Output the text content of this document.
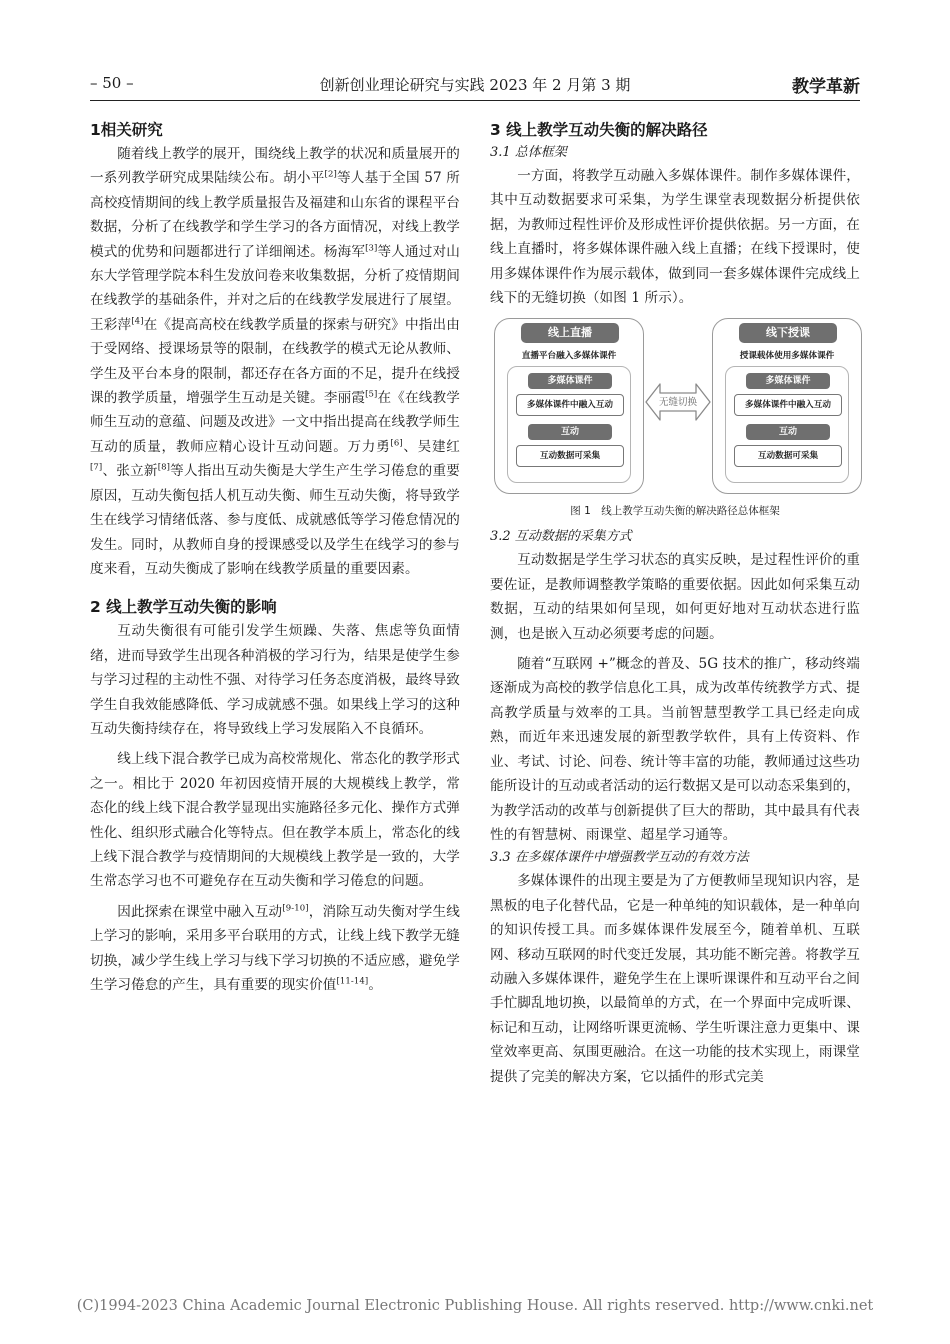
– 50 –	创新创业理论研究与实践 2023 年 2 月第 3 期	教学革新
1相关研究

随着线上教学的展开，围绕线上教学的状况和质量展开的一系列教学研究成果陆续公布。胡小平[2]等人基于全国 57 所高校疫情期间的线上教学质量报告及福建和山东省的课程平台数据，分析了在线教学和学生学习的各方面情况，对线上教学模式的优势和问题都进行了详细阐述。杨海军[3]等人通过对山东大学管理学院本科生发放问卷来收集数据，分析了疫情期间在线教学的基础条件，并对之后的在线教学发展进行了展望。王彩萍[4]在《提高高校在线教学质量的探索与研究》中指出由于受网络、授课场景等的限制，在线教学的模式无论从教师、学生及平台本身的限制，都还存在各方面的不足，提升在线授课的教学质量，增强学生互动是关键。李丽霞[5]在《在线教学师生互动的意蕴、问题及改进》一文中指出提高在线教学师生互动的质量，教师应精心设计互动问题。万力勇[6]、吴建红[7]、张立新[8]等人指出互动失衡是大学生产生学习倦怠的重要原因，互动失衡包括人机互动失衡、师生互动失衡，将导致学生在线学习情绪低落、参与度低、成就感低等学习倦怠情况的发生。同时，从教师自身的授课感受以及学生在线学习的参与度来看，互动失衡成了影响在线教学质量的重要因素。

2 线上教学互动失衡的影响

互动失衡很有可能引发学生烦躁、失落、焦虑等负面情绪，进而导致学生出现各种消极的学习行为，结果是使学生参与学习过程的主动性不强、对待学习任务态度消极，最终导致学生自我效能感降低、学习成就感不强。如果线上学习的这种互动失衡持续存在，将导致线上学习发展陷入不良循环。

线上线下混合教学已成为高校常规化、常态化的教学形式之一。相比于 2020 年初因疫情开展的大规模线上教学，常态化的线上线下混合教学显现出实施路径多元化、操作方式弹性化、组织形式融合化等特点。但在教学本质上，常态化的线上线下混合教学与疫情期间的大规模线上教学是一致的，大学生常态学习也不可避免存在互动失衡和学习倦怠的问题。

因此探索在课堂中融入互动[9-10]，消除互动失衡对学生线上学习的影响，采用多平台联用的方式，让线上线下教学无缝切换，减少学生线上学习与线下学习切换的不适应感，避免学生学习倦怠的产生，具有重要的现实价值[11-14]。

3 线上教学互动失衡的解决路径
3.1 总体框架

一方面，将教学互动融入多媒体课件。制作多媒体课件，其中互动数据要求可采集，为学生课堂表现数据分析提供依据，为教师过程性评价及形成性评价提供依据。另一方面，在线上直播时，将多媒体课件融入线上直播；在线下授课时，使用多媒体课件作为展示载体，做到同一套多媒体课件完成线上线下的无缝切换（如图 1 所示）。

线上直播
直播平台融入多媒体课件
多媒体课件
多媒体课件中融入互动
互动
互动数据可采集
无缝切换
线下授课
授课载体使用多媒体课件
多媒体课件
多媒体课件中融入互动
互动
互动数据可采集
图 1　线上教学互动失衡的解决路径总体框架
3.2 互动数据的采集方式

互动数据是学生学习状态的真实反映，是过程性评价的重要佐证，是教师调整教学策略的重要依据。因此如何采集互动数据，互动的结果如何呈现，如何更好地对互动状态进行监测，也是嵌入互动必须要考虑的问题。

随着“互联网 +”概念的普及、5G 技术的推广，移动终端逐渐成为高校的教学信息化工具，成为改革传统教学方式、提高教学质量与效率的工具。当前智慧型教学工具已经走向成熟，而近年来迅速发展的新型教学软件，具有上传资料、作业、考试、讨论、问卷、统计等丰富的功能，教师通过这些功能所设计的互动或者活动的运行数据又是可以动态采集到的，为教学活动的改革与创新提供了巨大的帮助，其中最具有代表性的有智慧树、雨课堂、超星学习通等。

3.3 在多媒体课件中增强教学互动的有效方法

多媒体课件的出现主要是为了方便教师呈现知识内容，是黑板的电子化替代品，它是一种单纯的知识载体，是一种单向的知识传授工具。而多媒体课件发展至今，随着单机、互联网、移动互联网的时代变迁发展，其功能不断完善。将教学互动融入多媒体课件，避免学生在上课听课课件和互动平台之间手忙脚乱地切换，以最简单的方式，在一个界面中完成听课、标记和互动，让网络听课更流畅、学生听课注意力更集中、课堂效率更高、氛围更融洽。在这一功能的技术实现上，雨课堂提供了完美的解决方案，它以插件的形式完美

(C)1994-2023 China Academic Journal Electronic Publishing House. All rights reserved. http://www.cnki.net
